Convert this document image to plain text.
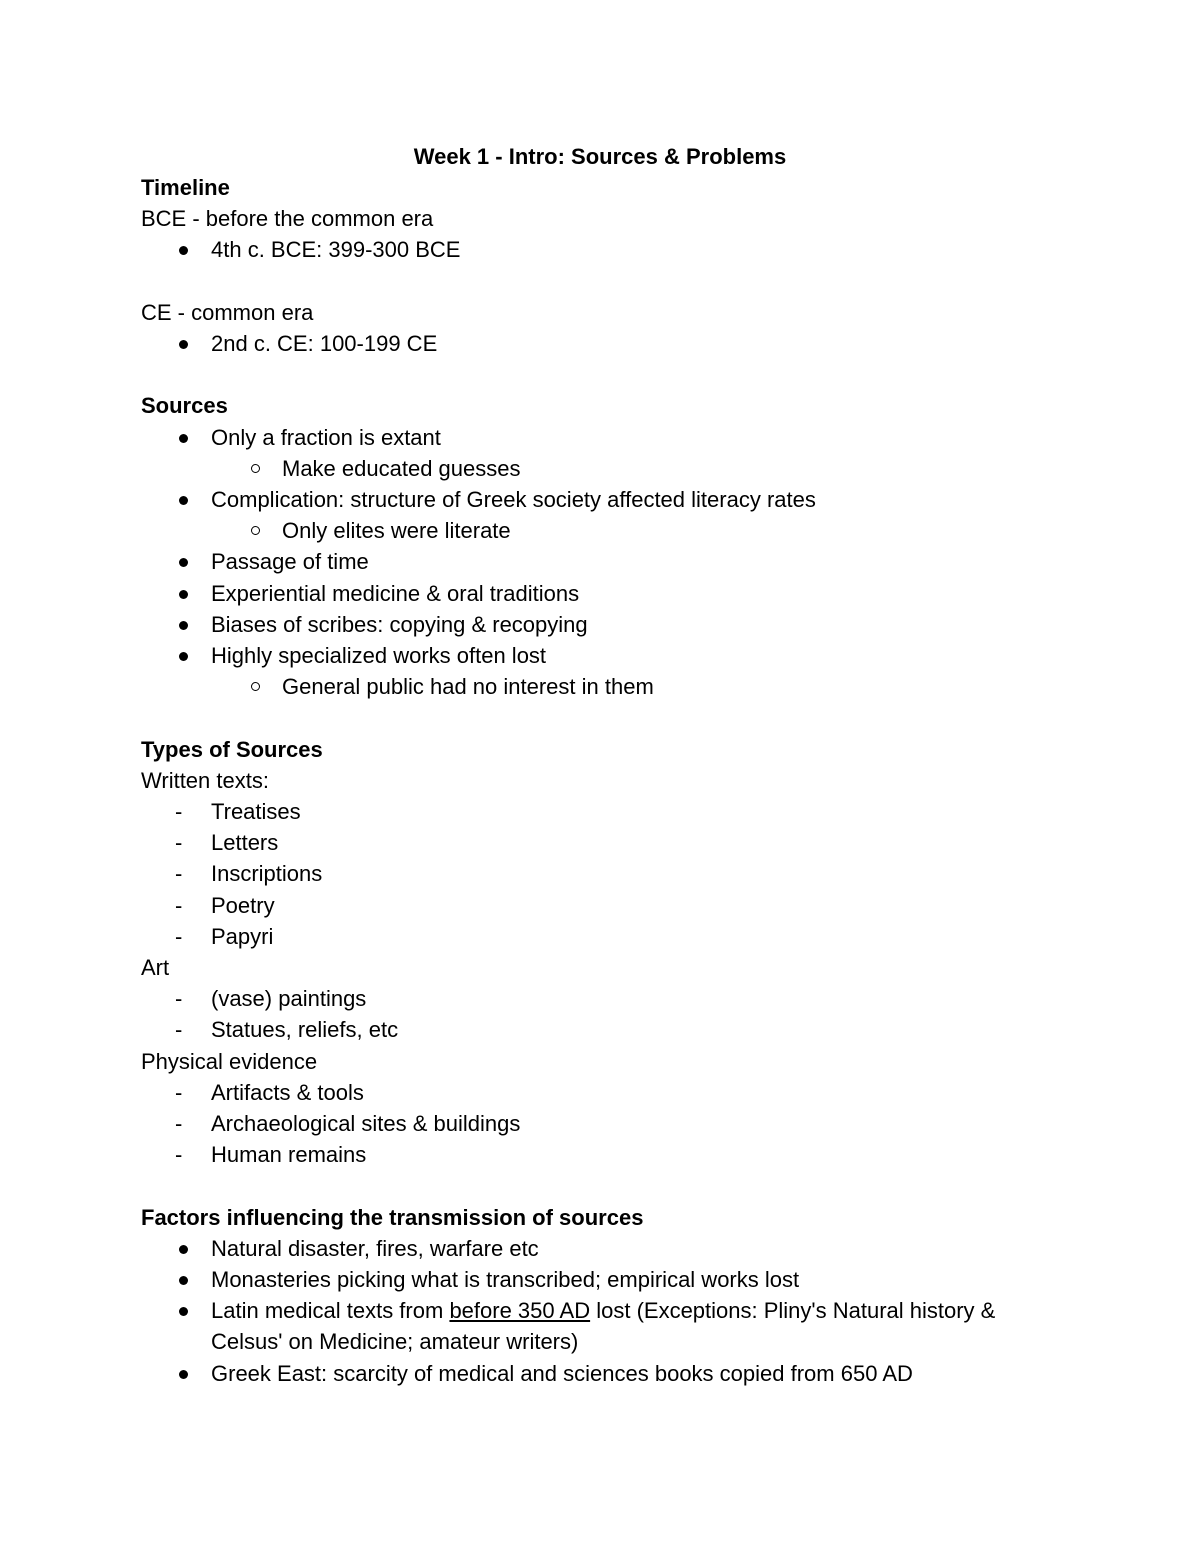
Week 1 - Intro: Sources & Problems
Timeline
BCE - before the common era
4th c. BCE: 399-300 BCE
CE - common era
2nd c. CE: 100-199 CE
Sources
Only a fraction is extant
Make educated guesses
Complication: structure of Greek society affected literacy rates
Only elites were literate
Passage of time
Experiential medicine & oral traditions
Biases of scribes: copying & recopying
Highly specialized works often lost
General public had no interest in them
Types of Sources
Written texts:
- Treatises
- Letters
- Inscriptions
- Poetry
- Papyri
Art
- (vase) paintings
- Statues, reliefs, etc
Physical evidence
- Artifacts & tools
- Archaeological sites & buildings
- Human remains
Factors influencing the transmission of sources
Natural disaster, fires, warfare etc
Monasteries picking what is transcribed; empirical works lost
Latin medical texts from before 350 AD lost (Exceptions: Pliny's Natural history & Celsus' on Medicine; amateur writers)
Greek East: scarcity of medical and sciences books copied from 650 AD
